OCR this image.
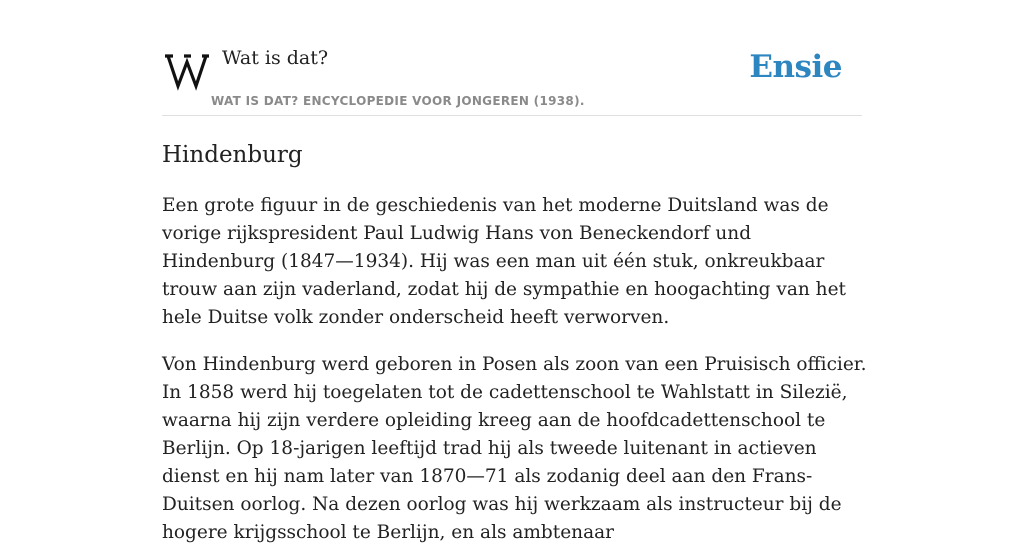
Wat is dat?
WAT IS DAT? ENCYCLOPEDIE VOOR JONGEREN (1938).
Ensie
Hindenburg

Een grote figuur in de geschiedenis van het moderne Duitsland was de vorige rijkspresident Paul Ludwig Hans von Beneckendorf und Hindenburg (1847—1934). Hij was een man uit één stuk, onkreukbaar trouw aan zijn vaderland, zodat hij de sympathie en hoogachting van het hele Duitse volk zonder onderscheid heeft verworven.

Von Hindenburg werd geboren in Posen als zoon van een Pruisisch officier. In 1858 werd hij toegelaten tot de cadettenschool te Wahlstatt in Silezië, waarna hij zijn verdere opleiding kreeg aan de hoofdcadettenschool te Berlijn. Op 18-jarigen leeftijd trad hij als tweede luitenant in actieven dienst en hij nam later van 1870—71 als zodanig deel aan den Frans-Duitsen oorlog. Na dezen oorlog was hij werkzaam als instructeur bij de hogere krijgsschool te Berlijn, en als ambtenaar
